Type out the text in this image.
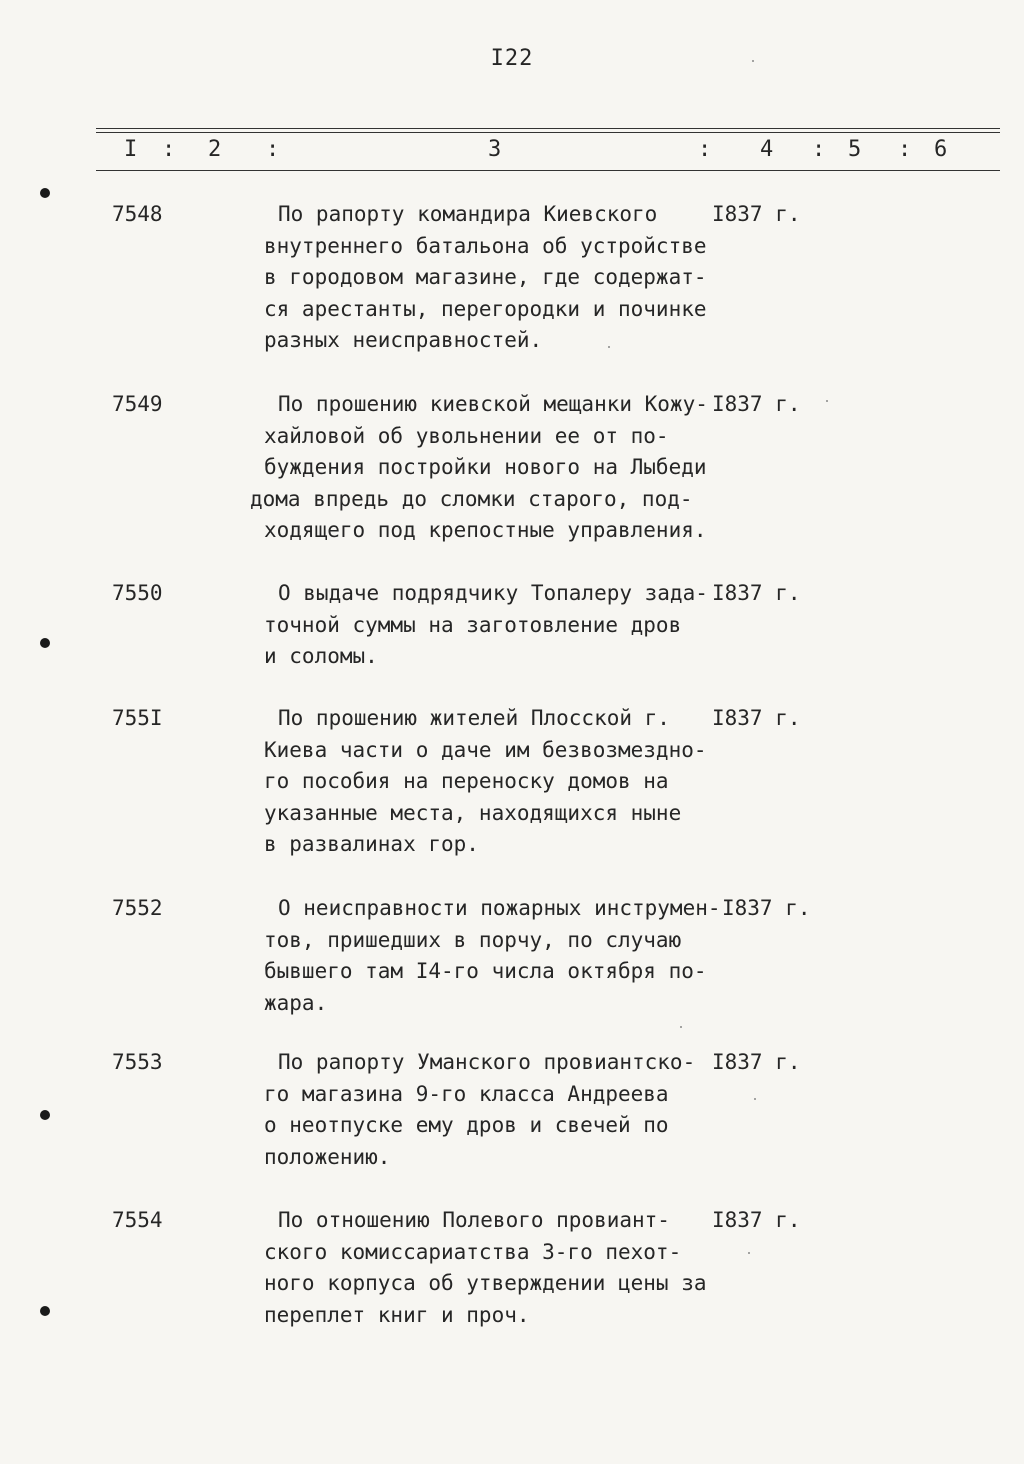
I22
I : 2 :	3	: 4 : 5 : 6
7548	По рапорту командира Киевского
внутреннего батальона об устройстве
в городовом магазине, где содержат-
ся арестанты, перегородки и починке
разных неисправностей.
I837 г.
7549	По прошению киевской мещанки Кожу-
хайловой об увольнении ее от по-
буждения постройки нового на Лыбеди
дома впредь до сломки старого, под-
ходящего под крепостные управления.
I837 г.
7550	О выдаче подрядчику Топалеру зада-
точной суммы на заготовление дров
и соломы.
I837 г.
755I	По прошению жителей Плосской г.
Киева части о даче им безвозмездно-
го пособия на переноску домов на
указанные места, находящихся ныне
в развалинах гор.
I837 г.
7552	О неисправности пожарных инструмен-
тов, пришедших в порчу, по случаю
бывшего там I4-го числа октября по-
жара.
I837 г.
7553	По рапорту Уманского провиантско-
го магазина 9-го класса Андреева
о неотпуске ему дров и свечей по
положению.
I837 г.
7554	По отношению Полевого провиант-
ского комиссариатства 3-го пехот-
ного корпуса об утверждении цены за
переплет книг и проч.
I837 г.
